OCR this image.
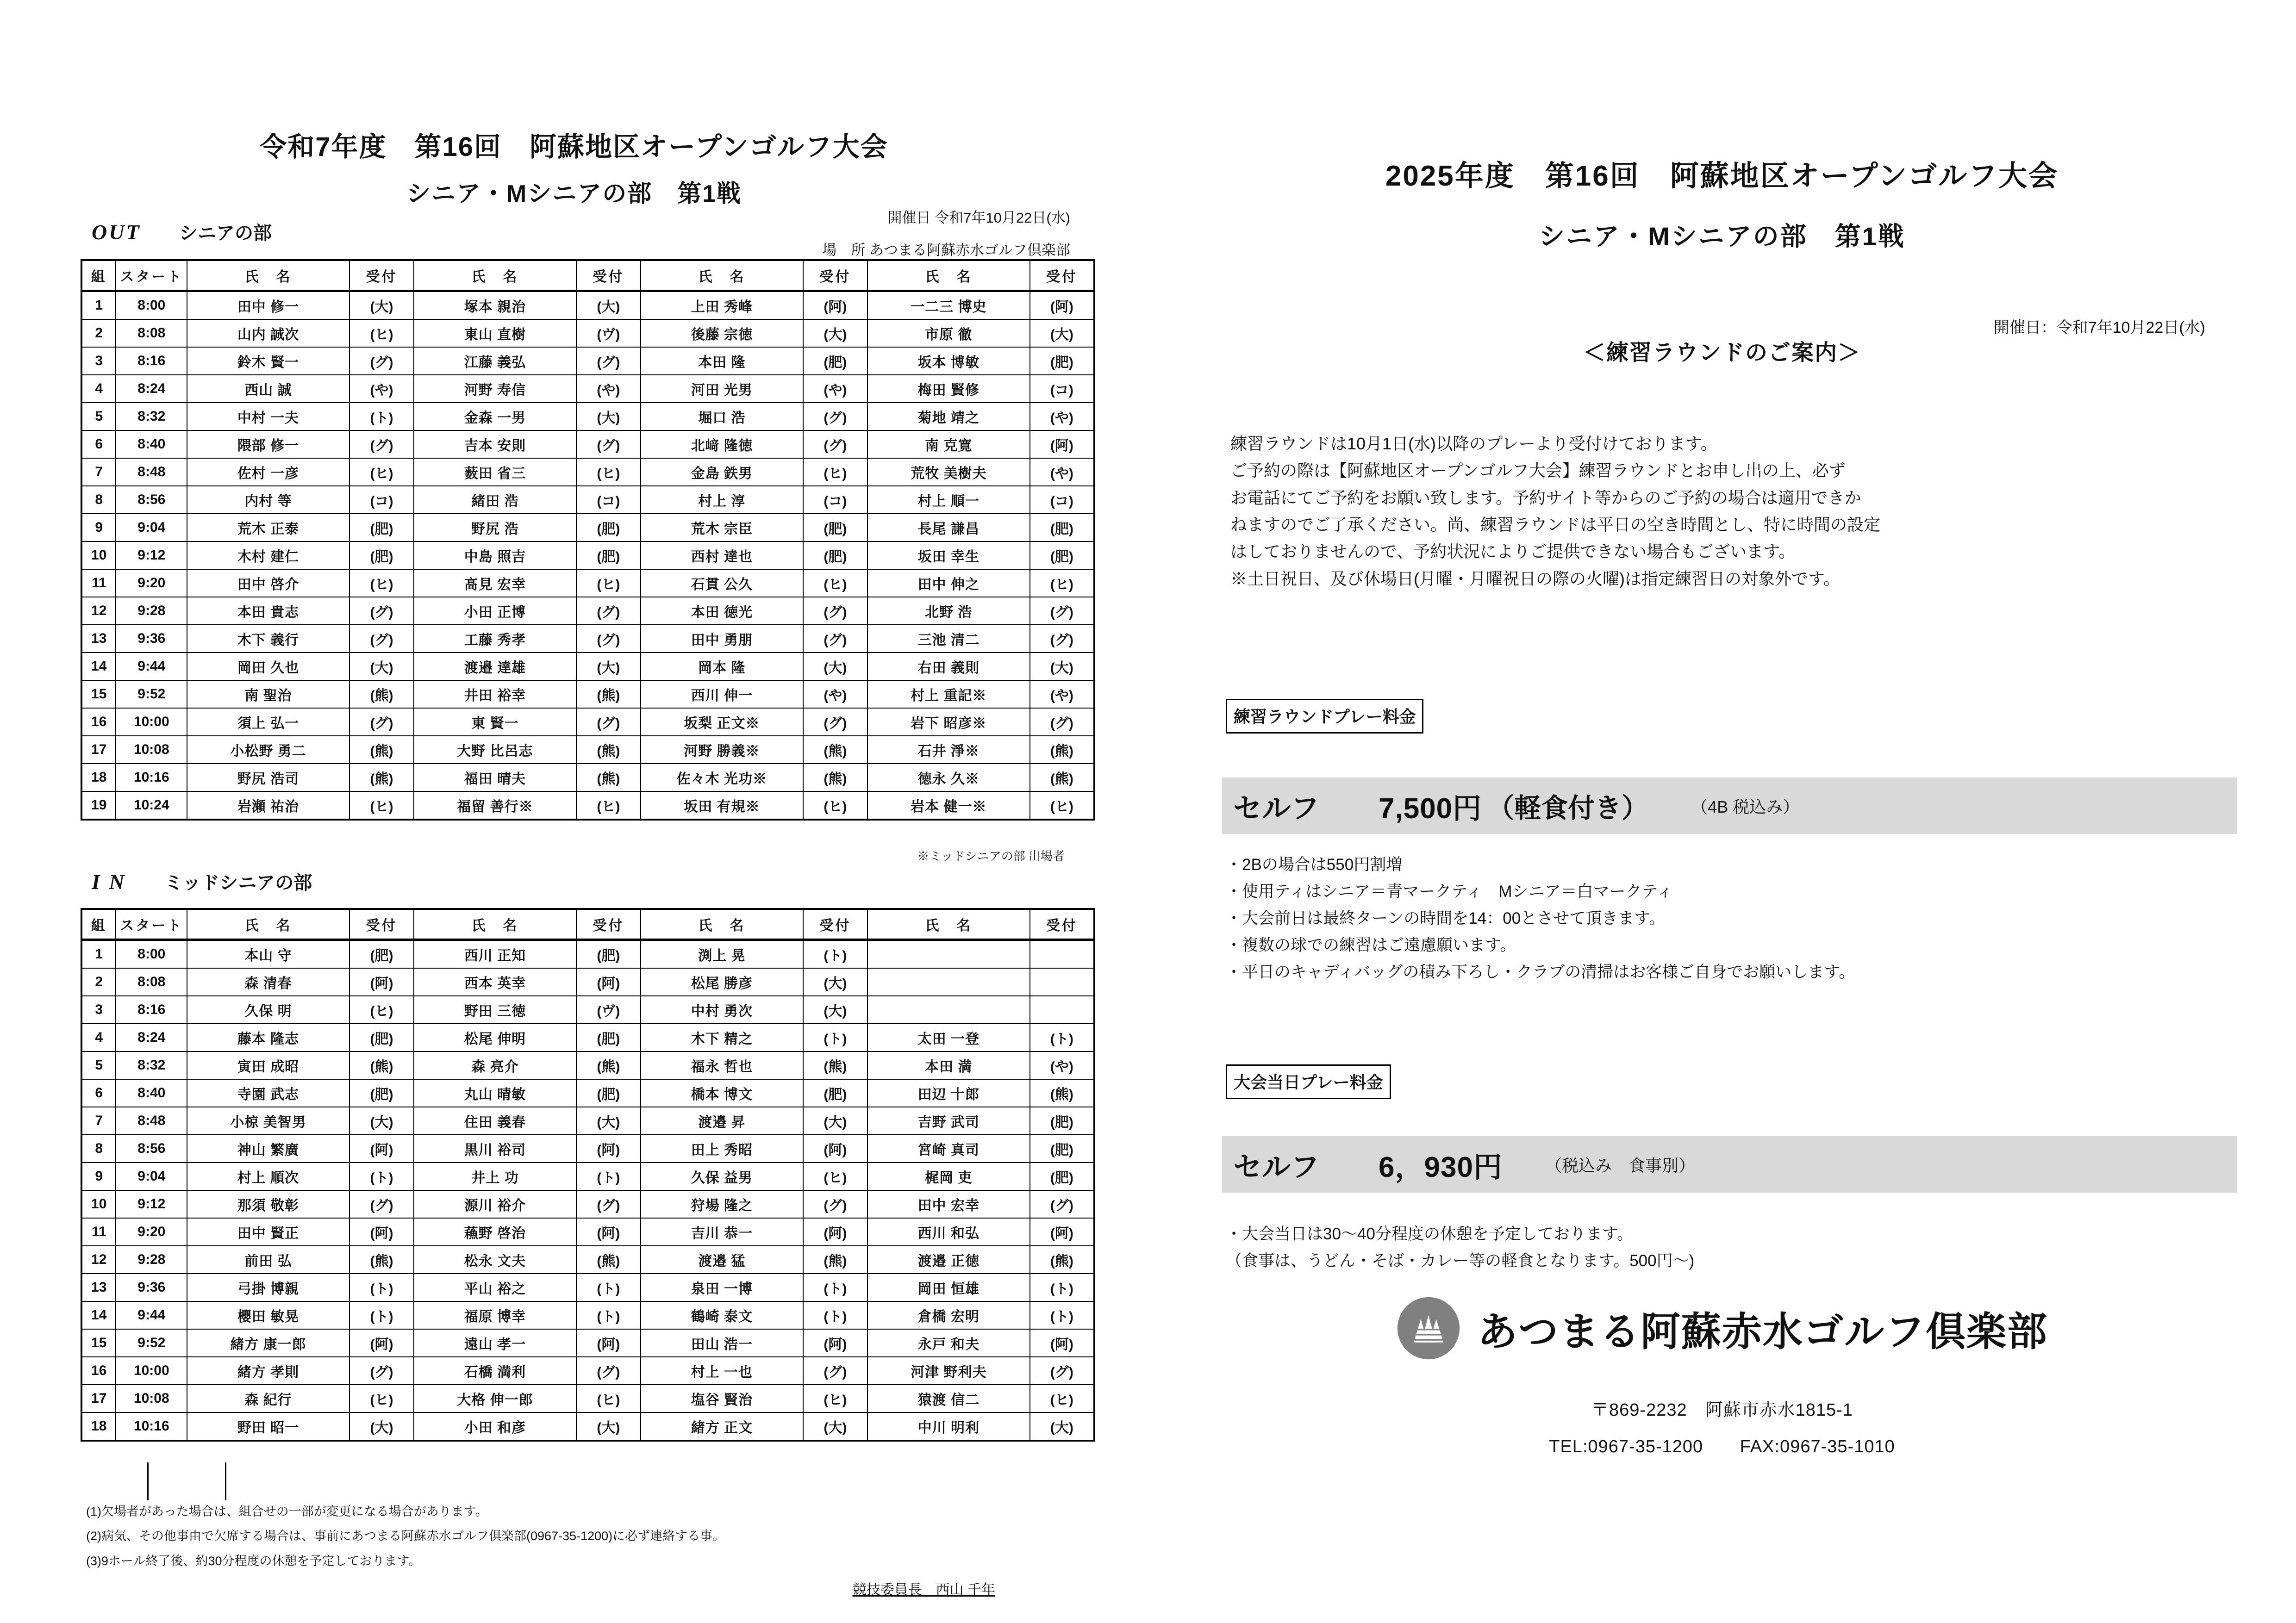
令和7年度　第16回　阿蘇地区オープンゴルフ大会
シニア・Mシニアの部　第1戦
開催日 令和7年10月22日(水)
場　所 あつまる阿蘇赤水ゴルフ倶楽部
OUT シニアの部
組	スタート	氏　名	受付	氏　名	受付	氏　名	受付	氏　名	受付
1	8:00	田中 修一	(大)	塚本 親治	(大)	上田 秀峰	(阿)	一二三 博史	(阿)
2	8:08	山内 誠次	(ヒ)	東山 直樹	(ヴ)	後藤 宗徳	(大)	市原 徹	(大)
3	8:16	鈴木 賢一	(グ)	江藤 義弘	(グ)	本田 隆	(肥)	坂本 博敏	(肥)
4	8:24	西山 誠	(や)	河野 寿信	(や)	河田 光男	(や)	梅田 賢修	(コ)
5	8:32	中村 一夫	(ト)	金森 一男	(大)	堀口 浩	(グ)	菊地 靖之	(や)
6	8:40	隈部 修一	(グ)	吉本 安則	(グ)	北﨑 隆徳	(グ)	南 克寛	(阿)
7	8:48	佐村 一彦	(ヒ)	薮田 省三	(ヒ)	金島 鉄男	(ヒ)	荒牧 美樹夫	(や)
8	8:56	内村 等	(コ)	緒田 浩	(コ)	村上 淳	(コ)	村上 順一	(コ)
9	9:04	荒木 正泰	(肥)	野尻 浩	(肥)	荒木 宗臣	(肥)	長尾 謙昌	(肥)
10	9:12	木村 建仁	(肥)	中島 照吉	(肥)	西村 達也	(肥)	坂田 幸生	(肥)
11	9:20	田中 啓介	(ヒ)	髙見 宏幸	(ヒ)	石貫 公久	(ヒ)	田中 伸之	(ヒ)
12	9:28	本田 貴志	(グ)	小田 正博	(グ)	本田 徳光	(グ)	北野 浩	(グ)
13	9:36	木下 義行	(グ)	工藤 秀孝	(グ)	田中 勇朋	(グ)	三池 清二	(グ)
14	9:44	岡田 久也	(大)	渡邉 達雄	(大)	岡本 隆	(大)	右田 義則	(大)
15	9:52	南 聖治	(熊)	井田 裕幸	(熊)	西川 伸一	(や)	村上 重記※	(や)
16	10:00	須上 弘一	(グ)	東 賢一	(グ)	坂梨 正文※	(グ)	岩下 昭彦※	(グ)
17	10:08	小松野 勇二	(熊)	大野 比呂志	(熊)	河野 勝義※	(熊)	石井 淨※	(熊)
18	10:16	野尻 浩司	(熊)	福田 晴夫	(熊)	佐々木 光功※	(熊)	徳永 久※	(熊)
19	10:24	岩瀬 祐治	(ヒ)	福留 善行※	(ヒ)	坂田 有規※	(ヒ)	岩本 健一※	(ヒ)
※ミッドシニアの部 出場者
I N ミッドシニアの部
組	スタート	氏　名	受付	氏　名	受付	氏　名	受付	氏　名	受付
1	8:00	本山 守	(肥)	西川 正知	(肥)	渕上 晃	(ト)		
2	8:08	森 清春	(阿)	西本 英幸	(阿)	松尾 勝彦	(大)		
3	8:16	久保 明	(ヒ)	野田 三徳	(ヴ)	中村 勇次	(大)		
4	8:24	藤本 隆志	(肥)	松尾 伸明	(肥)	木下 精之	(ト)	太田 一登	(ト)
5	8:32	寅田 成昭	(熊)	森 亮介	(熊)	福永 哲也	(熊)	本田 満	(や)
6	8:40	寺園 武志	(肥)	丸山 晴敏	(肥)	橋本 博文	(肥)	田辺 十郎	(熊)
7	8:48	小椋 美智男	(大)	住田 義春	(大)	渡邉 昇	(大)	吉野 武司	(肥)
8	8:56	神山 繁廣	(阿)	黒川 裕司	(阿)	田上 秀昭	(阿)	宮崎 真司	(肥)
9	9:04	村上 順次	(ト)	井上 功	(ト)	久保 益男	(ヒ)	梶岡 吏	(肥)
10	9:12	那須 敬彰	(グ)	源川 裕介	(グ)	狩場 隆之	(グ)	田中 宏幸	(グ)
11	9:20	田中 賢正	(阿)	蘓野 啓治	(阿)	吉川 恭一	(阿)	西川 和弘	(阿)
12	9:28	前田 弘	(熊)	松永 文夫	(熊)	渡邉 猛	(熊)	渡邉 正徳	(熊)
13	9:36	弓掛 博親	(ト)	平山 裕之	(ト)	泉田 一博	(ト)	岡田 恒雄	(ト)
14	9:44	櫻田 敏晃	(ト)	福原 博幸	(ト)	鶴崎 泰文	(ト)	倉橋 宏明	(ト)
15	9:52	緒方 康一郎	(阿)	遠山 孝一	(阿)	田山 浩一	(阿)	永戸 和夫	(阿)
16	10:00	緒方 孝則	(グ)	石橋 満利	(グ)	村上 一也	(グ)	河津 野利夫	(グ)
17	10:08	森 紀行	(ヒ)	大格 伸一郎	(ヒ)	塩谷 賢治	(ヒ)	猿渡 信二	(ヒ)
18	10:16	野田 昭一	(大)	小田 和彦	(大)	緒方 正文	(大)	中川 明利	(大)
(1)欠場者があった場合は、組合せの一部が変更になる場合があります。
(2)病気、その他事由で欠席する場合は、事前にあつまる阿蘇赤水ゴルフ倶楽部(0967-35-1200)に必ず連絡する事。
(3)9ホール終了後、約30分程度の休憩を予定しております。
競技委員長　西山 千年
2025年度　第16回　阿蘇地区オープンゴルフ大会
シニア・Mシニアの部　第1戦
開催日：令和7年10月22日(水)
＜練習ラウンドのご案内＞
練習ラウンドは10月1日(水)以降のプレーより受付けております。
ご予約の際は【阿蘇地区オープンゴルフ大会】練習ラウンドとお申し出の上、必ず
お電話にてご予約をお願い致します。予約サイト等からのご予約の場合は適用できか
ねますのでご了承ください。尚、練習ラウンドは平日の空き時間とし、特に時間の設定
はしておりませんので、予約状況によりご提供できない場合もございます。
※土日祝日、及び休場日(月曜・月曜祝日の際の火曜)は指定練習日の対象外です。
練習ラウンドプレー料金
セルフ 7,500円 （軽食付き）	（4B 税込み）
・2Bの場合は550円割増
・使用ティはシニア＝青マークティ　Mシニア＝白マークティ
・大会前日は最終ターンの時間を14：00とさせて頂きます。
・複数の球での練習はご遠慮願います。
・平日のキャディバッグの積み下ろし・クラブの清掃はお客様ご自身でお願いします。
大会当日プレー料金
セルフ 6，930円	（税込み　食事別）
・大会当日は30～40分程度の休憩を予定しております。
（食事は、うどん・そば・カレー等の軽食となります。500円～)
あつまる阿蘇赤水ゴルフ倶楽部
〒869-2232　阿蘇市赤水1815-1
TEL:0967-35-1200 FAX:0967-35-1010
